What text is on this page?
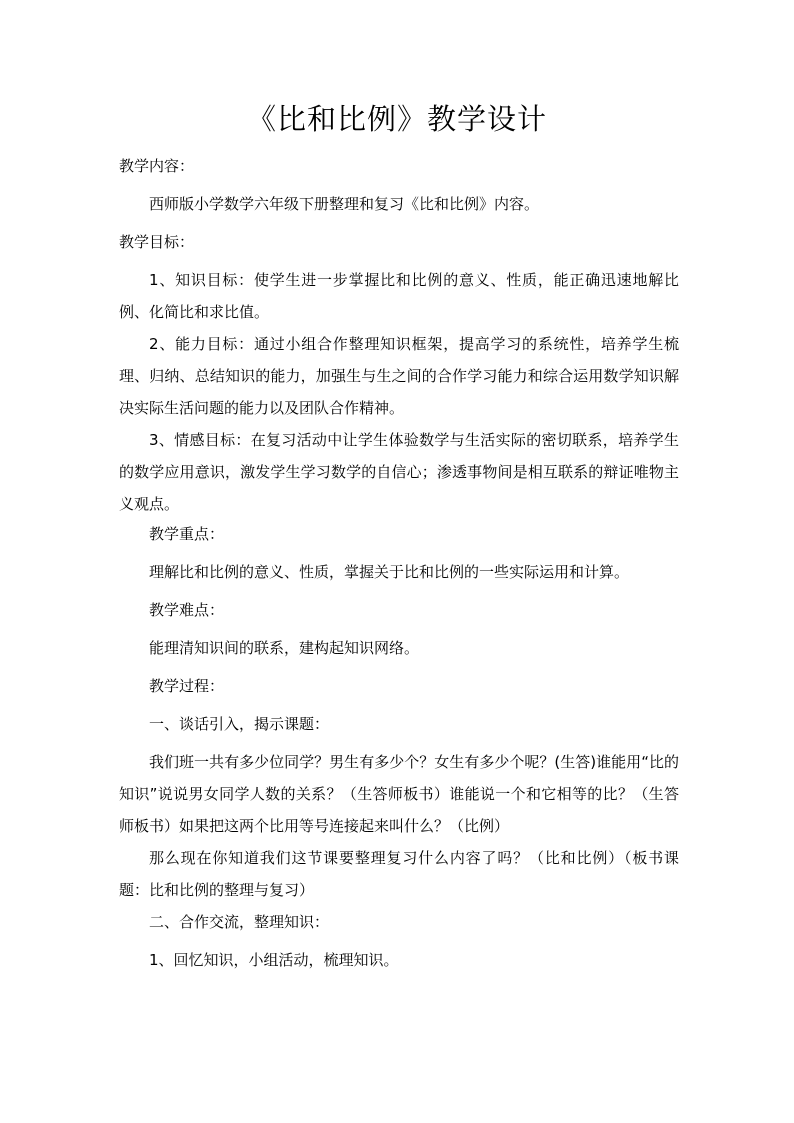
《比和比例》教学设计
教学内容：
西师版小学数学六年级下册整理和复习《比和比例》内容。
教学目标：
1、知识目标：使学生进一步掌握比和比例的意义、性质，能正确迅速地解比例、化简比和求比值。
2、能力目标：通过小组合作整理知识框架，提高学习的系统性，培养学生梳理、归纳、总结知识的能力，加强生与生之间的合作学习能力和综合运用数学知识解决实际生活问题的能力以及团队合作精神。
3、情感目标：在复习活动中让学生体验数学与生活实际的密切联系，培养学生的数学应用意识，激发学生学习数学的自信心；渗透事物间是相互联系的辩证唯物主义观点。
教学重点：
理解比和比例的意义、性质，掌握关于比和比例的一些实际运用和计算。
教学难点：
能理清知识间的联系，建构起知识网络。
教学过程：
一、谈话引入，揭示课题：
我们班一共有多少位同学？男生有多少个？女生有多少个呢？(生答)谁能用“比的知识”说说男女同学人数的关系？（生答师板书）谁能说一个和它相等的比？（生答师板书）如果把这两个比用等号连接起来叫什么？（比例）
那么现在你知道我们这节课要整理复习什么内容了吗？（比和比例）（板书课题：比和比例的整理与复习）
二、合作交流，整理知识：
1、回忆知识，小组活动，梳理知识。
